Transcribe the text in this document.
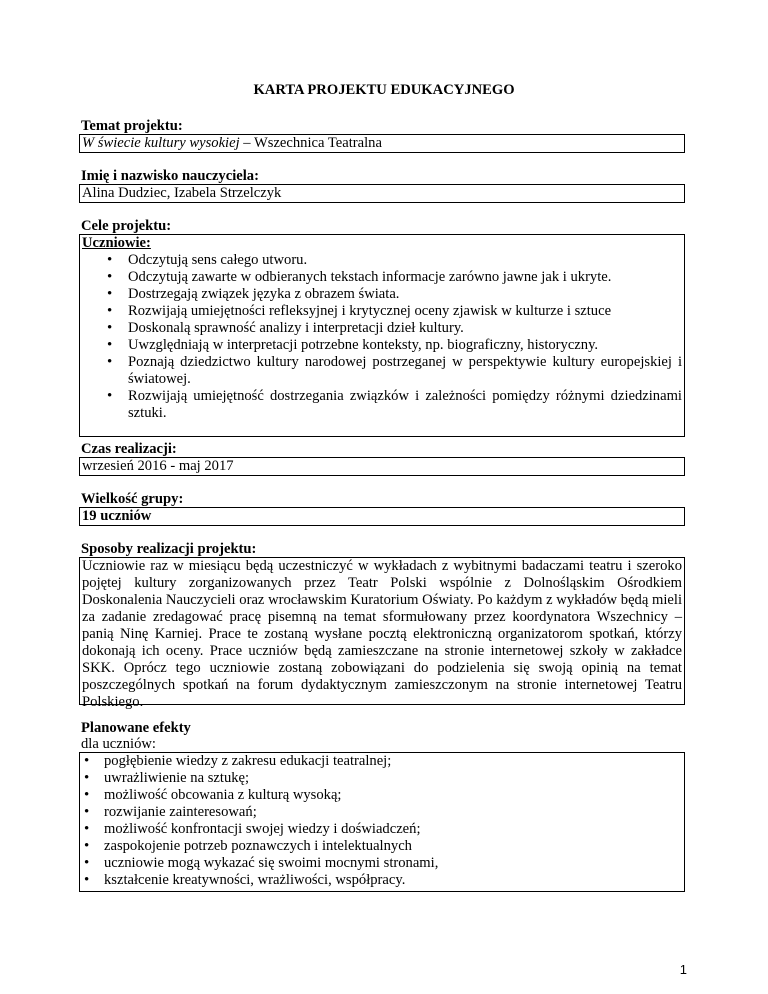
KARTA PROJEKTU EDUKACYJNEGO
Temat projektu:
W świecie kultury wysokiej – Wszechnica Teatralna
Imię i nazwisko nauczyciela:
Alina Dudziec, Izabela Strzelczyk
Cele projektu:
Uczniowie:
• Odczytują sens całego utworu.
• Odczytują zawarte w odbieranych tekstach informacje zarówno jawne jak i ukryte.
• Dostrzegają związek języka z obrazem świata.
• Rozwijają umiejętności refleksyjnej i krytycznej oceny zjawisk w kulturze i sztuce
• Doskonalą sprawność analizy i interpretacji dzieł kultury.
• Uwzględniają w interpretacji potrzebne konteksty, np. biograficzny, historyczny.
• Poznają dziedzictwo kultury narodowej postrzeganej w perspektywie kultury europejskiej i światowej.
• Rozwijają umiejętność dostrzegania związków i zależności pomiędzy różnymi dziedzinami sztuki.
Czas realizacji:
wrzesień 2016 - maj 2017
Wielkość grupy:
19 uczniów
Sposoby realizacji projektu:
Uczniowie raz w miesiącu będą uczestniczyć w wykładach z wybitnymi badaczami teatru i szeroko pojętej kultury zorganizowanych przez Teatr Polski wspólnie z Dolnośląskim Ośrodkiem Doskonalenia Nauczycieli oraz wrocławskim Kuratorium Oświaty. Po każdym z wykładów będą mieli za zadanie zredagować pracę pisemną na temat sformułowany przez koordynatora Wszechnicy – panią Ninę Karniej. Prace te zostaną wysłane pocztą elektroniczną organizatorom spotkań, którzy dokonają ich oceny. Prace uczniów będą zamieszczane na stronie internetowej szkoły w zakładce SKK. Oprócz tego uczniowie zostaną zobowiązani do podzielenia się swoją opinią na temat poszczególnych spotkań na forum dydaktycznym zamieszczonym na stronie internetowej Teatru Polskiego.
Planowane efekty
dla uczniów:
• pogłębienie wiedzy z zakresu edukacji teatralnej;
• uwrażliwienie na sztukę;
• możliwość obcowania z kulturą wysoką;
• rozwijanie zainteresowań;
• możliwość konfrontacji swojej wiedzy i doświadczeń;
• zaspokojenie potrzeb poznawczych i intelektualnych
• uczniowie mogą wykazać się swoimi mocnymi stronami,
• kształcenie kreatywności, wrażliwości, współpracy.
1
